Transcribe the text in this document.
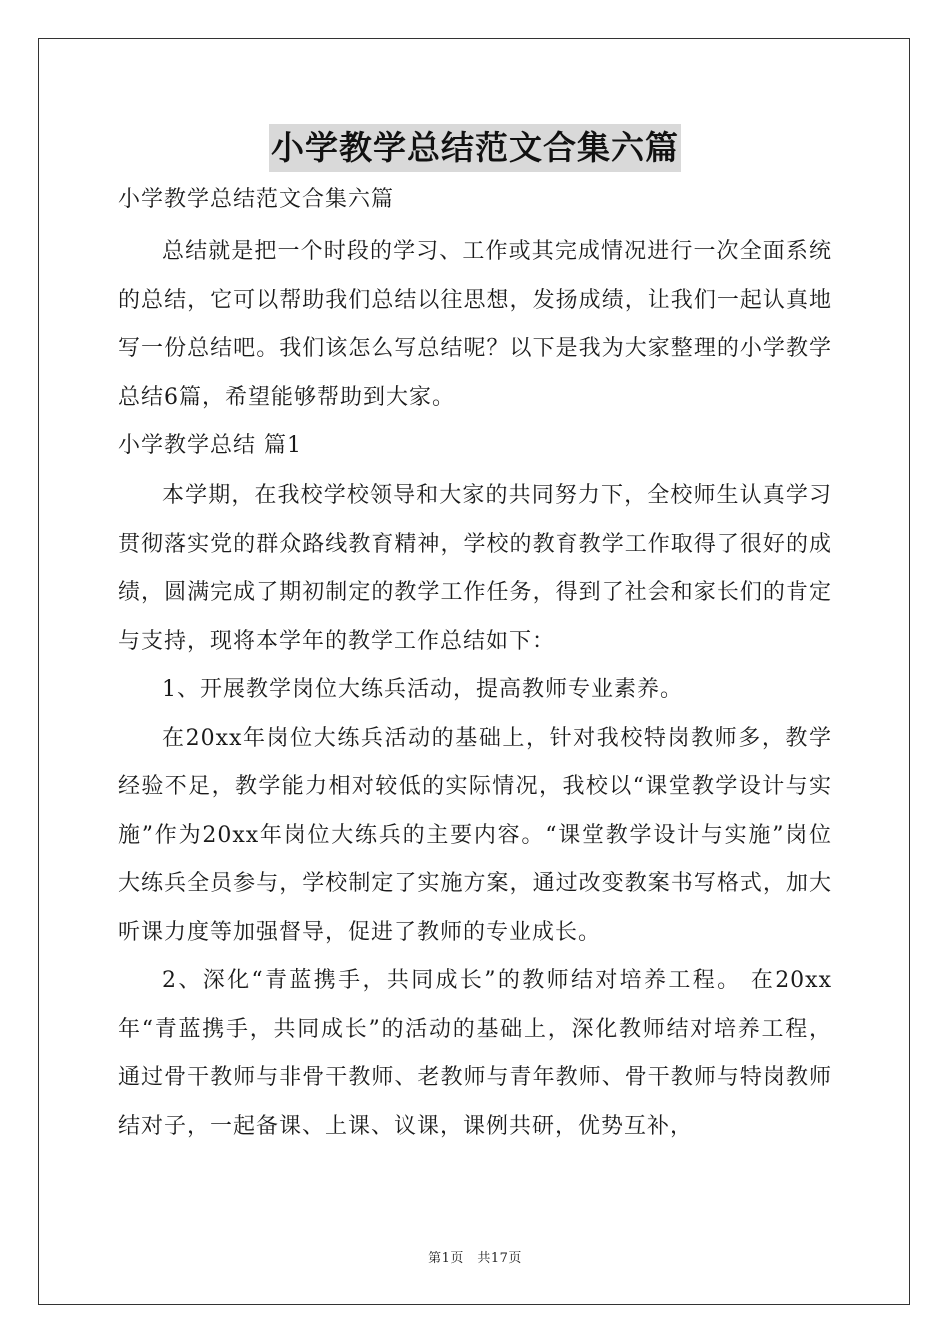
小学教学总结范文合集六篇
小学教学总结范文合集六篇

总结就是把一个时段的学习、工作或其完成情况进行一次全面系统的总结，它可以帮助我们总结以往思想，发扬成绩，让我们一起认真地写一份总结吧。我们该怎么写总结呢？以下是我为大家整理的小学教学总结6篇，希望能够帮助到大家。

小学教学总结 篇1

本学期，在我校学校领导和大家的共同努力下，全校师生认真学习贯彻落实党的群众路线教育精神，学校的教育教学工作取得了很好的成绩，圆满完成了期初制定的教学工作任务，得到了社会和家长们的肯定与支持，现将本学年的教学工作总结如下：

1、开展教学岗位大练兵活动，提高教师专业素养。

在20xx年岗位大练兵活动的基础上，针对我校特岗教师多，教学经验不足，教学能力相对较低的实际情况，我校以“课堂教学设计与实施”作为20xx年岗位大练兵的主要内容。“课堂教学设计与实施”岗位大练兵全员参与，学校制定了实施方案，通过改变教案书写格式，加大听课力度等加强督导，促进了教师的专业成长。

2、深化“青蓝携手，共同成长”的教师结对培养工程。 在20xx年“青蓝携手，共同成长”的活动的基础上，深化教师结对培养工程，通过骨干教师与非骨干教师、老教师与青年教师、骨干教师与特岗教师结对子，一起备课、上课、议课，课例共研，优势互补，

第1页　共17页
